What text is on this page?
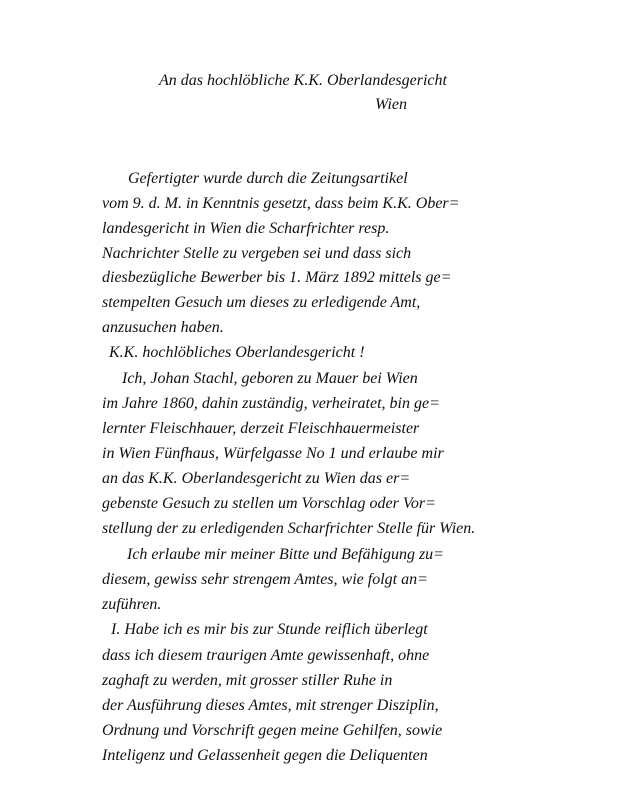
An das hochlöbliche K.K. Oberlandesgericht
Wien
Gefertigter wurde durch die Zeitungsartikel
vom 9. d. M. in Kenntnis gesetzt, dass beim K.K. Ober=
landesgericht in Wien die Scharfrichter resp.
Nachrichter Stelle zu vergeben sei und dass sich
diesbezügliche Bewerber bis 1. März 1892 mittels ge=
stempelten Gesuch um dieses zu erledigende Amt,
anzusuchen haben.
K.K. hochlöbliches Oberlandesgericht !
Ich, Johan Stachl, geboren zu Mauer bei Wien
im Jahre 1860, dahin zuständig, verheiratet, bin ge=
lernter Fleischhauer, derzeit Fleischhauermeister
in Wien Fünfhaus, Würfelgasse No 1 und erlaube mir
an das K.K. Oberlandesgericht zu Wien das er=
gebenste Gesuch zu stellen um Vorschlag oder Vor=
stellung der zu erledigenden Scharfrichter Stelle für Wien.
Ich erlaube mir meiner Bitte und Befähigung zu=
diesem, gewiss sehr strengem Amtes, wie folgt an=
zuführen.
I. Habe ich es mir bis zur Stunde reiflich überlegt
dass ich diesem traurigen Amte gewissenhaft, ohne
zaghaft zu werden, mit grosser stiller Ruhe in
der Ausführung dieses Amtes, mit strenger Disziplin,
Ordnung und Vorschrift gegen meine Gehilfen, sowie
Inteligenz und Gelassenheit gegen die Deliquenten
